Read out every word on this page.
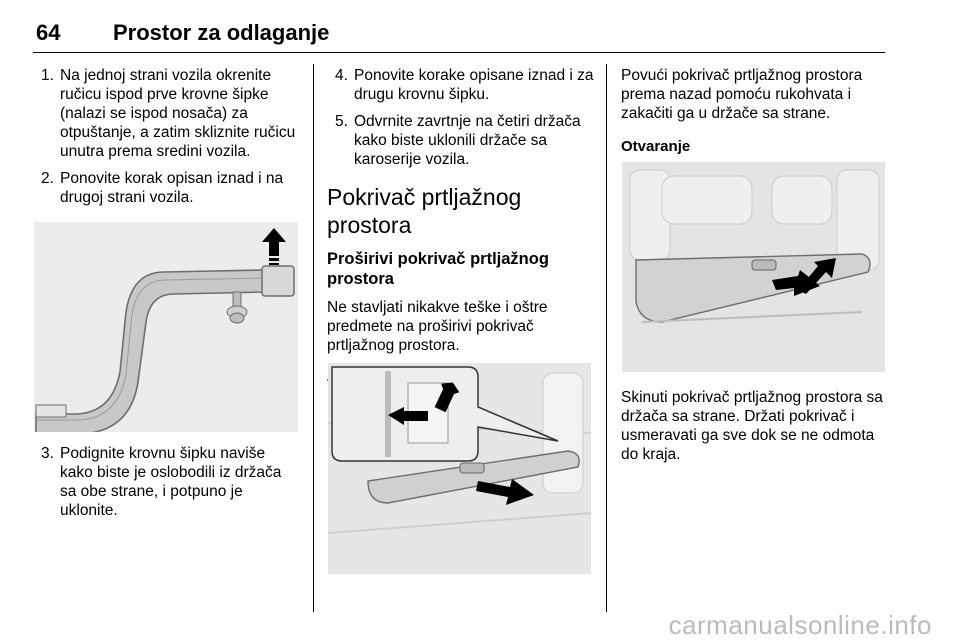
64 Prostor za odlaganje
1. Na jednoj strani vozila okrenite ručicu ispod prve krovne šipke (nalazi se ispod nosača) za otpuštanje, a zatim skliznite ručicu unutra prema sredini vozila.
2. Ponovite korak opisan iznad i na drugoj strani vozila.
3. Podignite krovnu šipku naviše kako biste je oslobodili iz držača sa obe strane, i potpuno je uklonite.
4. Ponovite korake opisane iznad i za drugu krovnu šipku.
5. Odvrnite zavrtnje na četiri držača kako biste uklonili držače sa karoserije vozila.
Pokrivač prtljažnog prostora
Proširivi pokrivač prtljažnog prostora

Ne stavljati nikakve teške i oštre predmete na proširivi pokrivač prtljažnog prostora.

Povući pokrivač prtljažnog prostora prema nazad pomoću rukohvata i zakačiti ga u držače sa strane.

Otvaranje

Skinuti pokrivač prtljažnog prostora sa držača sa strane. Držati pokrivač i usmeravati ga sve dok se ne odmota do kraja.

carmanualsonline.info
